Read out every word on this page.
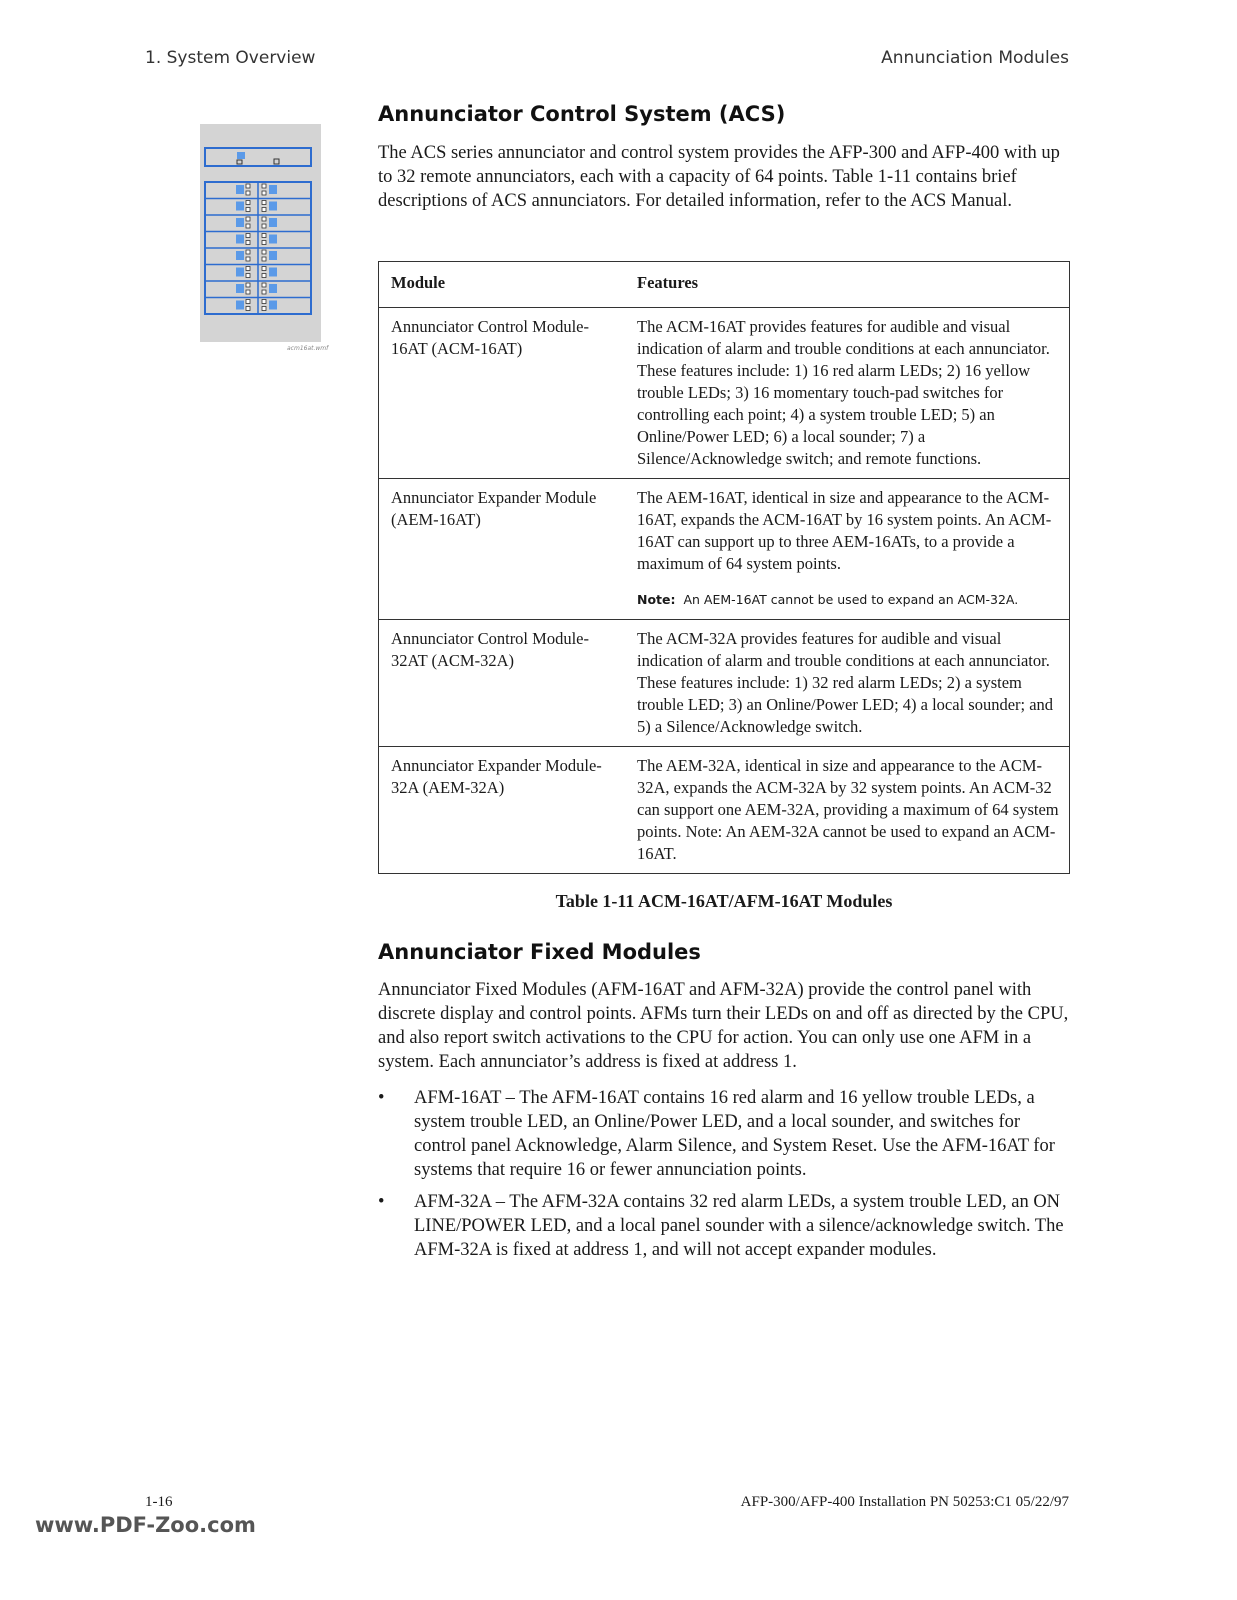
1. System Overview	Annunciation Modules
acm16at.wmf
Annunciator Control System (ACS)

The ACS series annunciator and control system provides the AFP-300 and AFP-400 with up to 32 remote annunciators, each with a capacity of 64 points. Table 1-11 contains brief descriptions of ACS annunciators. For detailed information, refer to the ACS Manual.

Module	Features
Annunciator Control Module-16AT (ACM-16AT)	The ACM-16AT provides features for audible and visual indication of alarm and trouble conditions at each annunciator. These features include: 1) 16 red alarm LEDs; 2) 16 yellow trouble LEDs; 3) 16 momentary touch-pad switches for controlling each point; 4) a system trouble LED; 5) an Online/Power LED; 6) a local sounder; 7) a Silence/Acknowledge switch; and remote functions.
Annunciator Expander Module (AEM-16AT)	The AEM-16AT, identical in size and appearance to the ACM-16AT, expands the ACM-16AT by 16 system points. An ACM-16AT can support up to three AEM-16ATs, to a provide a maximum of 64 system points.
Note: An AEM-16AT cannot be used to expand an ACM-32A.

Annunciator Control Module-32AT (ACM-32A)	The ACM-32A provides features for audible and visual indication of alarm and trouble conditions at each annunciator. These features include: 1) 32 red alarm LEDs; 2) a system trouble LED; 3) an Online/Power LED; 4) a local sounder; and 5) a Silence/Acknowledge switch.
Annunciator Expander Module-32A (AEM-32A)	The AEM-32A, identical in size and appearance to the ACM-32A, expands the ACM-32A by 32 system points. An ACM-32 can support one AEM-32A, providing a maximum of 64 system points. Note: An AEM-32A cannot be used to expand an ACM-16AT.
Table 1-11 ACM-16AT/AFM-16AT Modules
Annunciator Fixed Modules

Annunciator Fixed Modules (AFM-16AT and AFM-32A) provide the control panel with discrete display and control points. AFMs turn their LEDs on and off as directed by the CPU, and also report switch activations to the CPU for action. You can only use one AFM in a system. Each annunciator’s address is fixed at address 1.

• AFM-16AT – The AFM-16AT contains 16 red alarm and 16 yellow trouble LEDs, a system trouble LED, an Online/Power LED, and a local sounder, and switches for control panel Acknowledge, Alarm Silence, and System Reset. Use the AFM-16AT for systems that require 16 or fewer annunciation points.
• AFM-32A – The AFM-32A contains 32 red alarm LEDs, a system trouble LED, an ON LINE/POWER LED, and a local panel sounder with a silence/acknowledge switch. The AFM-32A is fixed at address 1, and will not accept expander modules.
1-16	AFP-300/AFP-400 Installation PN 50253:C1 05/22/97
www.PDF-Zoo.com
